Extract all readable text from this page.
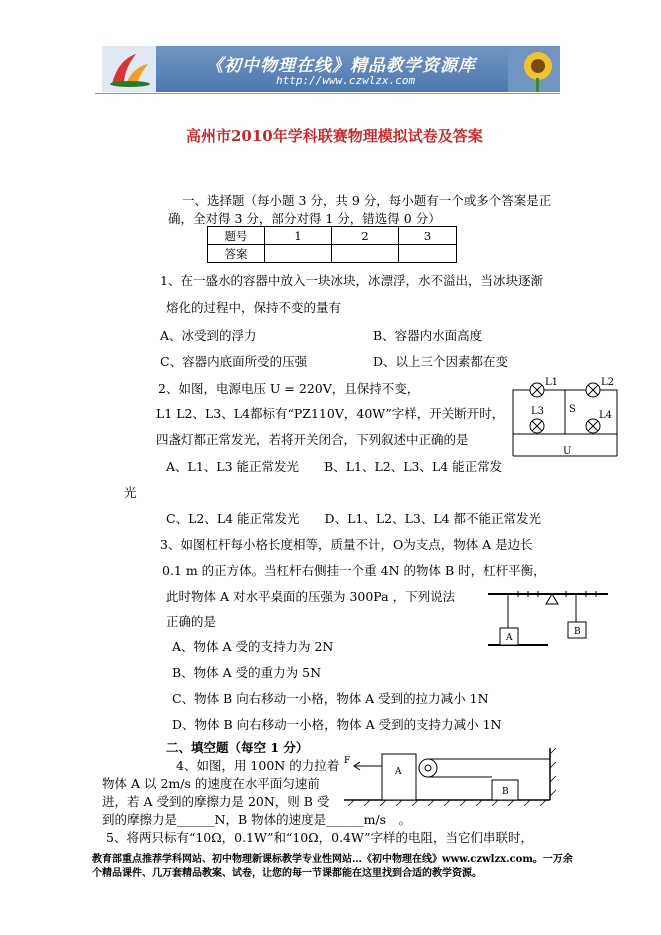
《初中物理在线》精品教学资源库
http://www.czwlzx.com
高州市2010年学科联赛物理模拟试卷及答案
一、选择题（每小题 3 分，共 9 分，每小题有一个或多个答案是正
确，全对得 3 分，部分对得 1 分，错选得 0 分）
题号	1	2	3
答案			
1、在一盛水的容器中放入一块冰块，冰漂浮，水不溢出，当冰块逐渐
熔化的过程中，保持不变的量有
A、冰受到的浮力	B、容器内水面高度
C、容器内底面所受的压强	D、以上三个因素都在变
2、如图，电源电压 U = 220V，且保持不变，
L1 L2、L3、L4都标有“PZ110V，40W”字样，开关断开时，
四盏灯都正常发光，若将开关闭合，下列叙述中正确的是
A、L1、L3 能正常发光　　B、L1、L2、L3、L4 能正常发
光
C、L2、L4 能正常发光　　D、L1、L2、L3、L4 都不能正常发光
L1	L2
L3 S
L4
U
3、如图杠杆每小格长度相等，质量不计，O为支点，物体 A 是边长
0.1 m 的正方体。当杠杆右侧挂一个重 4N 的物体 B 时，杠杆平衡，
此时物体 A 对水平桌面的压强为 300Pa ，下列说法
正确的是
A、物体 A 受的支持力为 2N
B、物体 A 受的重力为 5N
C、物体 B 向右移动一小格，物体 A 受到的拉力减小 1N
D、物体 B 向右移动一小格，物体 A 受到的支持力减小 1N
A
B
二、填空题（每空 1 分）
4、如图，用 100N 的力拉着
物体 A 以 2m/s 的速度在水平面匀速前
进，若 A 受到的摩擦力是 20N，则 B 受
到的摩擦力是______N，B 物体的速度是______m/s　。
F
A
B
5、将两只标有“10Ω，0.1W”和“10Ω，0.4W”字样的电阻，当它们串联时，
教育部重点推荐学科网站、初中物理新课标教学专业性网站…《初中物理在线》www.czwlzx.com。一万余
个精品课件、几万套精品教案、试卷，让您的每一节课都能在这里找到合适的教学资源。
